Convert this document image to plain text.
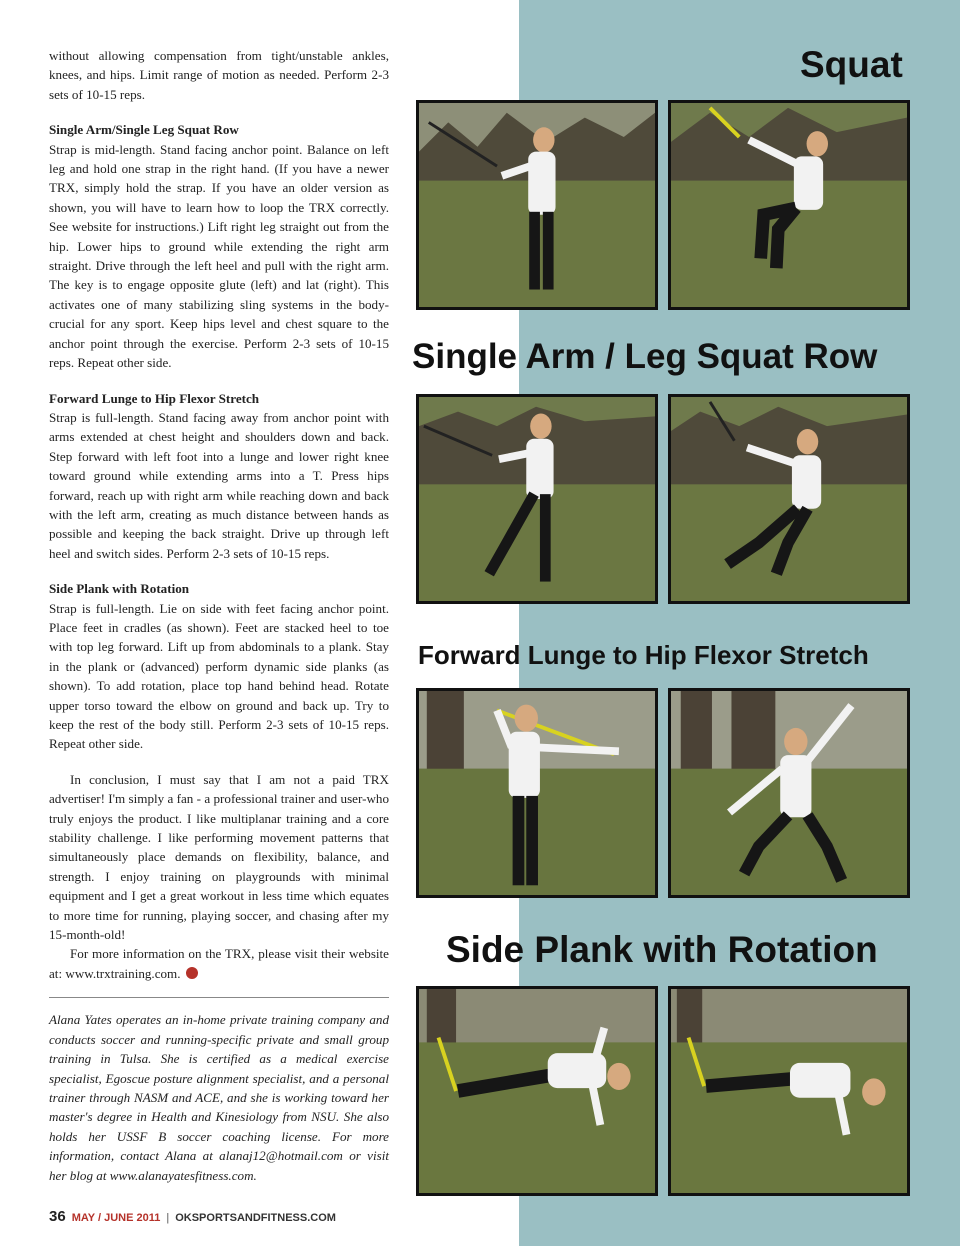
without allowing compensation from tight/unstable ankles, knees, and hips. Limit range of motion as needed. Perform 2-3 sets of 10-15 reps.

Single Arm/Single Leg Squat Row

Strap is mid-length. Stand facing anchor point. Balance on left leg and hold one strap in the right hand. (If you have a newer TRX, simply hold the strap. If you have an older version as shown, you will have to learn how to loop the TRX correctly. See website for instructions.) Lift right leg straight out from the hip. Lower hips to ground while extending the right arm straight. Drive through the left heel and pull with the right arm. The key is to engage opposite glute (left) and lat (right). This activates one of many stabilizing sling systems in the body-crucial for any sport. Keep hips level and chest square to the anchor point through the exercise. Perform 2-3 sets of 10-15 reps. Repeat other side.

Forward Lunge to Hip Flexor Stretch

Strap is full-length. Stand facing away from anchor point with arms extended at chest height and shoulders down and back. Step forward with left foot into a lunge and lower right knee toward ground while extending arms into a T. Press hips forward, reach up with right arm while reaching down and back with the left arm, creating as much distance between hands as possible and keeping the back straight. Drive up through left heel and switch sides. Perform 2-3 sets of 10-15 reps.

Side Plank with Rotation

Strap is full-length. Lie on side with feet facing anchor point. Place feet in cradles (as shown). Feet are stacked heel to toe with top leg forward. Lift up from abdominals to a plank. Stay in the plank or (advanced) perform dynamic side planks (as shown). To add rotation, place top hand behind head. Rotate upper torso toward the elbow on ground and back up. Try to keep the rest of the body still. Perform 2-3 sets of 10-15 reps. Repeat other side.

In conclusion, I must say that I am not a paid TRX advertiser! I'm simply a fan - a professional trainer and user-who truly enjoys the product. I like multiplanar training and a core stability challenge. I like performing movement patterns that simultaneously place demands on flexibility, balance, and strength. I enjoy training on playgrounds with minimal equipment and I get a great workout in less time which equates to more time for running, playing soccer, and chasing after my 15-month-old!

For more information on the TRX, please visit their website at: www.trxtraining.com.

Alana Yates operates an in-home private training company and conducts soccer and running-specific private and small group training in Tulsa. She is certified as a medical exercise specialist, Egoscue posture alignment specialist, and a personal trainer through NASM and ACE, and she is working toward her master's degree in Health and Kinesiology from NSU. She also holds her USSF B soccer coaching license. For more information, contact Alana at alanaj12@hotmail.com or visit her blog at www.alanayatesfitness.com.

36 MAY / JUNE 2011 | OKSPORTSANDFITNESS.COM
Squat
Single Arm / Leg Squat Row
Forward Lunge to Hip Flexor Stretch
Side Plank with Rotation
